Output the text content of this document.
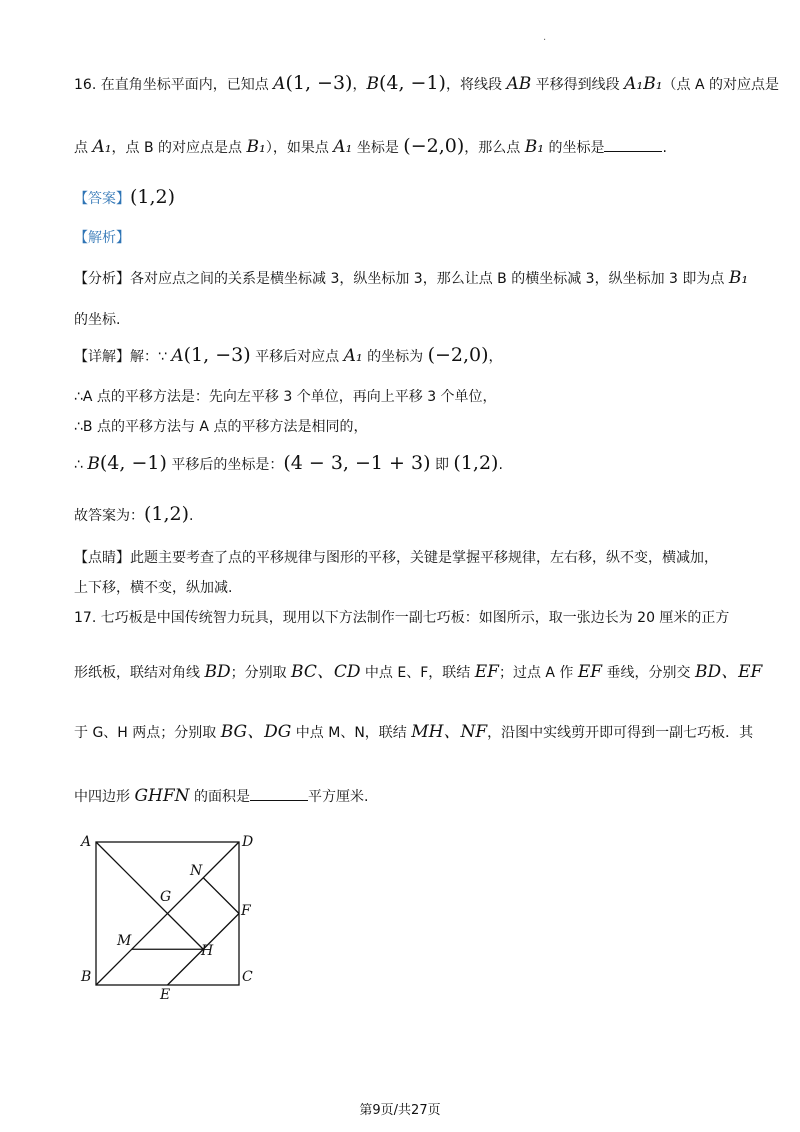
.
16. 在直角坐标平面内，已知点 A(1, −3)，B(4, −1)，将线段 AB 平移得到线段 A₁B₁（点 A 的对应点是
点 A₁，点 B 的对应点是点 B₁），如果点 A₁ 坐标是 (−2,0)，那么点 B₁ 的坐标是	.
【答案】(1,2)
【解析】
【分析】各对应点之间的关系是横坐标减 3，纵坐标加 3，那么让点 B 的横坐标减 3，纵坐标加 3 即为点 B₁
的坐标.
【详解】解：∵ A(1, −3) 平移后对应点 A₁ 的坐标为 (−2,0)，
∴A 点的平移方法是：先向左平移 3 个单位，再向上平移 3 个单位，
∴B 点的平移方法与 A 点的平移方法是相同的，
∴ B(4, −1) 平移后的坐标是：(4 − 3, −1 + 3) 即 (1,2).
故答案为：(1,2).
【点睛】此题主要考查了点的平移规律与图形的平移，关键是掌握平移规律，左右移，纵不变，横减加，
上下移，横不变，纵加减.
17. 七巧板是中国传统智力玩具，现用以下方法制作一副七巧板：如图所示，取一张边长为 20 厘米的正方
形纸板，联结对角线 BD；分别取 BC、CD 中点 E、F，联结 EF；过点 A 作 EF 垂线，分别交 BD、EF
于 G、H 两点；分别取 BG、DG 中点 M、N，联结 MH、NF，沿图中实线剪开即可得到一副七巧板．其
中四边形 GHFN 的面积是	平方厘米.
A	D
N
G
F
M
H
B	C
E
第9页/共27页
